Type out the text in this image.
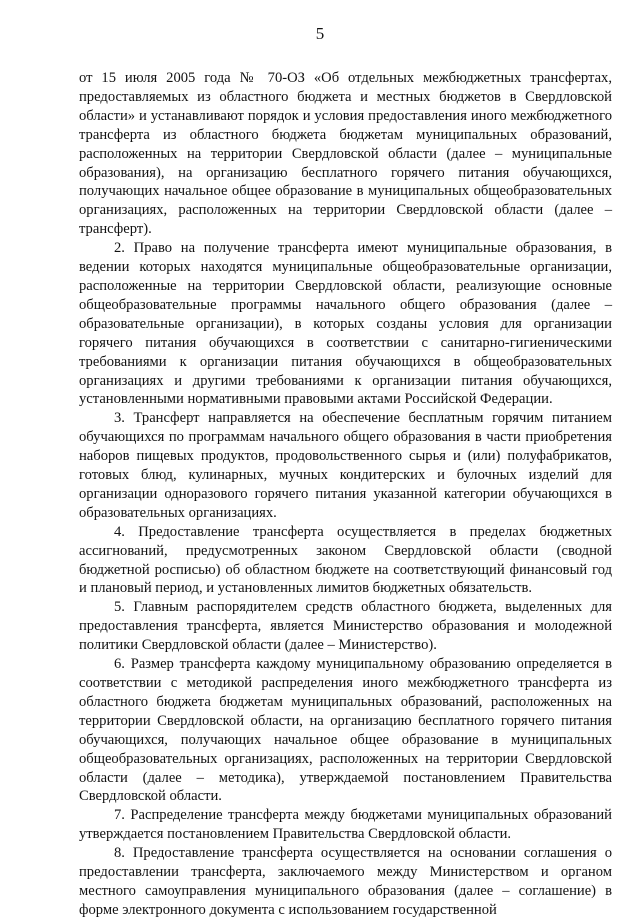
5

от 15 июля 2005 года № 70-ОЗ «Об отдельных межбюджетных трансфертах, предоставляемых из областного бюджета и местных бюджетов в Свердловской области» и устанавливают порядок и условия предоставления иного межбюджетного трансферта из областного бюджета бюджетам муниципальных образований, расположенных на территории Свердловской области (далее – муниципальные образования), на организацию бесплатного горячего питания обучающихся, получающих начальное общее образование в муниципальных общеобразовательных организациях, расположенных на территории Свердловской области (далее – трансферт).

2. Право на получение трансферта имеют муниципальные образования, в ведении которых находятся муниципальные общеобразовательные организации, расположенные на территории Свердловской области, реализующие основные общеобразовательные программы начального общего образования (далее – образовательные организации), в которых созданы условия для организации горячего питания обучающихся в соответствии с санитарно-гигиеническими требованиями к организации питания обучающихся в общеобразовательных организациях и другими требованиями к организации питания обучающихся, установленными нормативными правовыми актами Российской Федерации.

3. Трансферт направляется на обеспечение бесплатным горячим питанием обучающихся по программам начального общего образования в части приобретения наборов пищевых продуктов, продовольственного сырья и (или) полуфабрикатов, готовых блюд, кулинарных, мучных кондитерских и булочных изделий для организации одноразового горячего питания указанной категории обучающихся в образовательных организациях.

4. Предоставление трансферта осуществляется в пределах бюджетных ассигнований, предусмотренных законом Свердловской области (сводной бюджетной росписью) об областном бюджете на соответствующий финансовый год и плановый период, и установленных лимитов бюджетных обязательств.

5. Главным распорядителем средств областного бюджета, выделенных для предоставления трансферта, является Министерство образования и молодежной политики Свердловской области (далее – Министерство).

6. Размер трансферта каждому муниципальному образованию определяется в соответствии с методикой распределения иного межбюджетного трансферта из областного бюджета бюджетам муниципальных образований, расположенных на территории Свердловской области, на организацию бесплатного горячего питания обучающихся, получающих начальное общее образование в муниципальных общеобразовательных организациях, расположенных на территории Свердловской области (далее – методика), утверждаемой постановлением Правительства Свердловской области.

7. Распределение трансферта между бюджетами муниципальных образований утверждается постановлением Правительства Свердловской области.

8. Предоставление трансферта осуществляется на основании соглашения о предоставлении трансферта, заключаемого между Министерством и органом местного самоуправления муниципального образования (далее – соглашение) в форме электронного документа с использованием государственной
